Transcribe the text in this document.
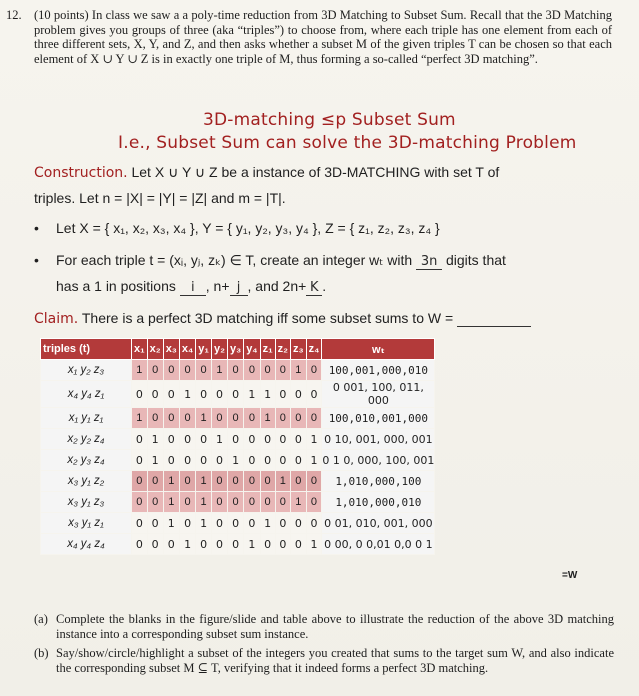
12. (10 points) In class we saw a a poly-time reduction from 3D Matching to Subset Sum. Recall that the 3D Matching problem gives you groups of three (aka “triples”) to choose from, where each triple has one element from each of three different sets, X, Y, and Z, and then asks whether a subset M of the given triples T can be chosen so that each element of X ∪ Y ∪ Z is in exactly one triple of M, thus forming a so-called “perfect 3D matching”.

3D-matching ≤p Subset Sum
I.e., Subset Sum can solve the 3D-matching Problem
Construction. Let X ∪ Y ∪ Z be a instance of 3D-MATCHING with set T of
triples. Let n = |X| = |Y| = |Z| and m = |T|.
• Let X = { x₁, x₂, x₃, x₄ }, Y = { y₁, y₂, y₃, y₄ }, Z = { z₁, z₂, z₃, z₄ }
• For each triple t = (xᵢ, yⱼ, zₖ) ∈ T, create an integer wₜ with 3n digits that
has a 1 in positions i , n+ j , and 2n+ K .
Claim. There is a perfect 3D matching iff some subset sums to W =
triples (t)	x₁	x₂	x₃	x₄	y₁	y₂	y₃	y₄	z₁	z₂	z₃	z₄	wₜ
x₁ y₂ z₃	1	0	0	0	0	1	0	0	0	0	1	0	100,001,000,010
x₄ y₄ z₁	0	0	0	1	0	0	0	1	1	0	0	0	0 001, 100, 011, 000
x₁ y₁ z₁	1	0	0	0	1	0	0	0	1	0	0	0	100,010,001,000
x₂ y₂ z₄	0	1	0	0	0	1	0	0	0	0	0	1	0 10, 001, 000, 001
x₂ y₃ z₄	0	1	0	0	0	0	1	0	0	0	0	1	0 1 0, 000, 100, 001
x₃ y₁ z₂	0	0	1	0	1	0	0	0	0	1	0	0	1,010,000,100
x₃ y₁ z₃	0	0	1	0	1	0	0	0	0	0	1	0	1,010,000,010
x₃ y₁ z₁	0	0	1	0	1	0	0	0	1	0	0	0	0 01, 010, 001, 000
x₄ y₄ z₄	0	0	0	1	0	0	0	1	0	0	0	1	0 00, 0 0,01 0,0 0 1
=W
(a) Complete the blanks in the figure/slide and table above to illustrate the reduction of the above 3D matching instance into a corresponding subset sum instance.
(b) Say/show/circle/highlight a subset of the integers you created that sums to the target sum W, and also indicate the corresponding subset M ⊆ T, verifying that it indeed forms a perfect 3D matching.
